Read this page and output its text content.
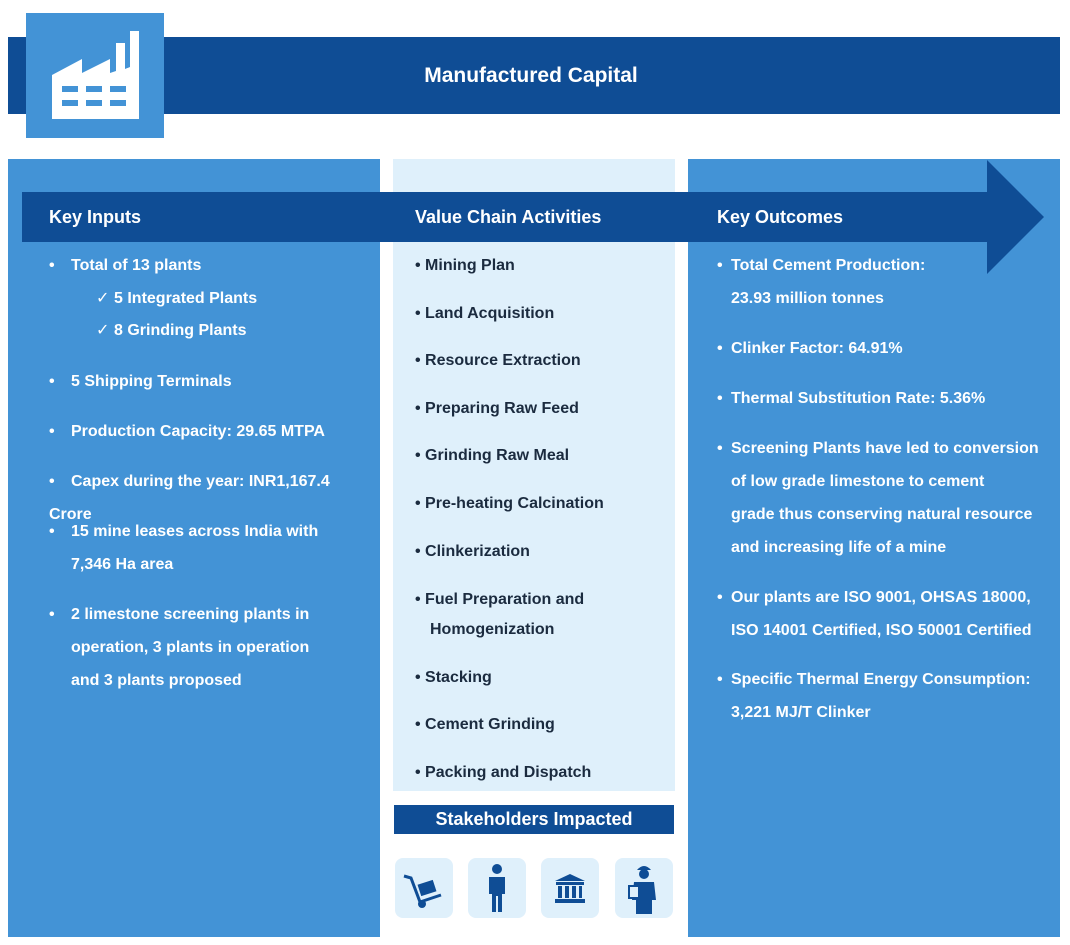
Manufactured Capital
Key Inputs	Value Chain Activities	Key Outcomes
• Total of 13 plants
✓ 5 Integrated Plants
✓ 8 Grinding Plants
• 5 Shipping Terminals
• Production Capacity: 29.65 MTPA
• Capex during the year: INR1,167.4 Crore
• 15 mine leases across India with
7,346 Ha area
• 2 limestone screening plants in
operation, 3 plants in operation
and 3 plants proposed
• Mining Plan
• Land Acquisition
• Resource Extraction
• Preparing Raw Feed
• Grinding Raw Meal
• Pre-heating Calcination
• Clinkerization
• Fuel Preparation and
Homogenization
• Stacking
• Cement Grinding
• Packing and Dispatch
• Total Cement Production:
23.93 million tonnes
• Clinker Factor: 64.91%
• Thermal Substitution Rate: 5.36%
• Screening Plants have led to conversion
of low grade limestone to cement
grade thus conserving natural resource
and increasing life of a mine
• Our plants are ISO 9001, OHSAS 18000,
ISO 14001 Certified, ISO 50001 Certified
• Specific Thermal Energy Consumption:
3,221 MJ/T Clinker
Stakeholders Impacted
